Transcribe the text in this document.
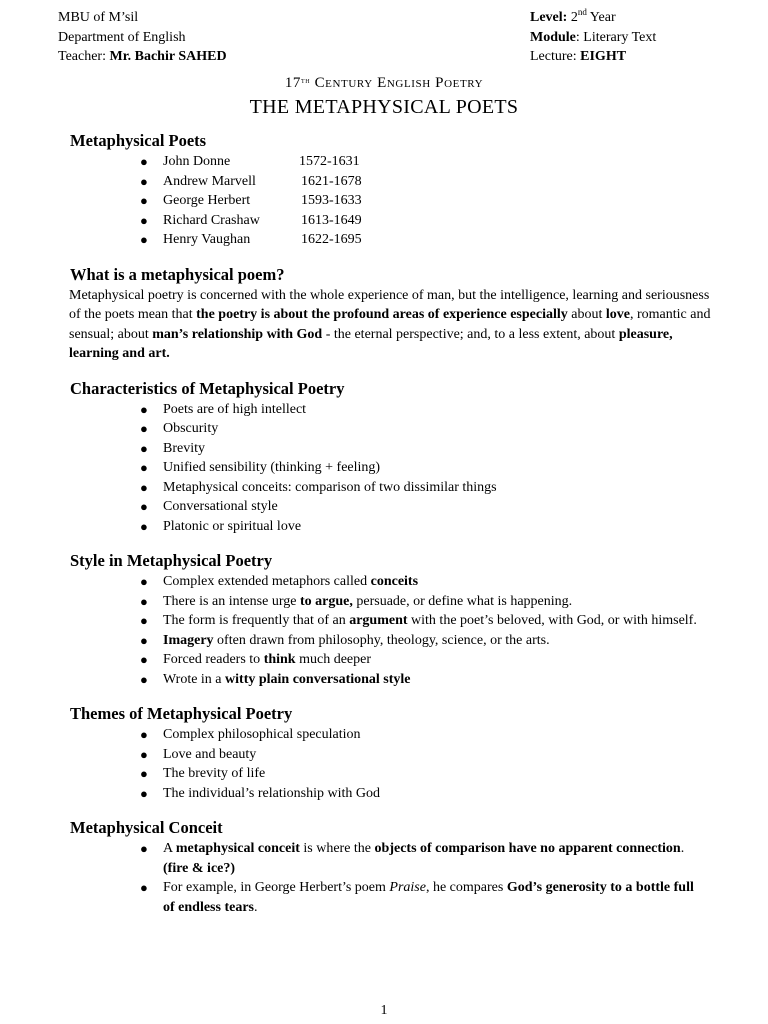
MBU of M’sil
Department of English
Teacher: Mr. Bachir SAHED
Level: 2nd Year
Module: Literary Text
Lecture: EIGHT
17th Century English Poetry
THE METAPHYSICAL POETS
Metaphysical Poets
● John Donne	1572-1631
● Andrew Marvell	1621-1678
● George Herbert	1593-1633
● Richard Crashaw	1613-1649
● Henry Vaughan	1622-1695
What is a metaphysical poem?

Metaphysical poetry is concerned with the whole experience of man, but the intelligence, learning and seriousness of the poets mean that the poetry is about the profound areas of experience especially about love, romantic and sensual; about man’s relationship with God - the eternal perspective; and, to a less extent, about pleasure, learning and art.

Characteristics of Metaphysical Poetry
● Poets are of high intellect
● Obscurity
● Brevity
● Unified sensibility (thinking + feeling)
● Metaphysical conceits: comparison of two dissimilar things
● Conversational style
● Platonic or spiritual love
Style in Metaphysical Poetry
● Complex extended metaphors called conceits
● There is an intense urge to argue, persuade, or define what is happening.
● The form is frequently that of an argument with the poet’s beloved, with God, or with himself.
● Imagery often drawn from philosophy, theology, science, or the arts.
● Forced readers to think much deeper
● Wrote in a witty plain conversational style
Themes of Metaphysical Poetry
● Complex philosophical speculation
● Love and beauty
● The brevity of life
● The individual’s relationship with God
Metaphysical Conceit
● A metaphysical conceit is where the objects of comparison have no apparent connection. (fire & ice?)
● For example, in George Herbert’s poem Praise, he compares God’s generosity to a bottle full of endless tears.
1
